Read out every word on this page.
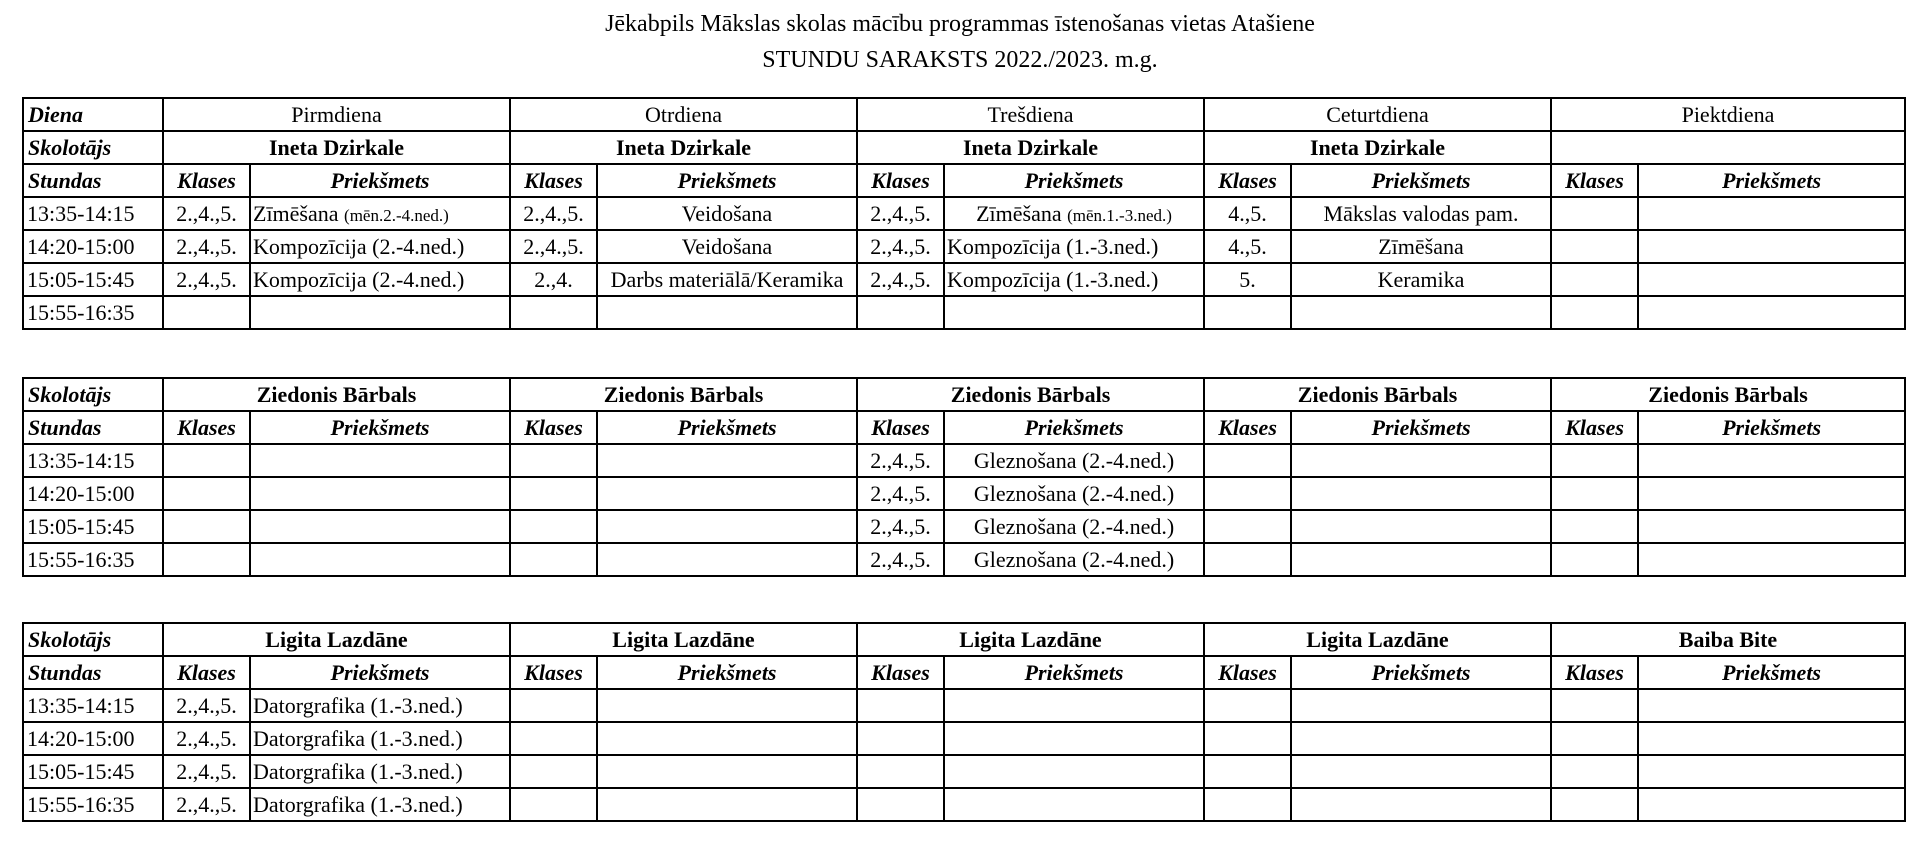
Jēkabpils Mākslas skolas mācību programmas īstenošanas vietas Atašiene
STUNDU SARAKSTS 2022./2023. m.g.
Diena	Pirmdiena		Otrdiena		Trešdiena		Ceturtdiena		Piektdiena	
Skolotājs	Ineta Dzirkale		Ineta Dzirkale		Ineta Dzirkale		Ineta Dzirkale			
Stundas	Klases	Priekšmets	Klases	Priekšmets	Klases	Priekšmets	Klases	Priekšmets	Klases	Priekšmets
13:35-14:15	2.,4.,5.	Zīmēšana (mēn.2.-4.ned.)	2.,4.,5.	Veidošana	2.,4.,5.	Zīmēšana (mēn.1.-3.ned.)	4.,5.	Mākslas valodas pam.		
14:20-15:00	2.,4.,5.	Kompozīcija (2.-4.ned.)	2.,4.,5.	Veidošana	2.,4.,5.	Kompozīcija (1.-3.ned.)	4.,5.	Zīmēšana		
15:05-15:45	2.,4.,5.	Kompozīcija (2.-4.ned.)	2.,4.	Darbs materiālā/Keramika	2.,4.,5.	Kompozīcija (1.-3.ned.)	5.	Keramika		
15:55-16:35										
Skolotājs	Ziedonis Bārbals		Ziedonis Bārbals		Ziedonis Bārbals		Ziedonis Bārbals		Ziedonis Bārbals	
Stundas	Klases	Priekšmets	Klases	Priekšmets	Klases	Priekšmets	Klases	Priekšmets	Klases	Priekšmets
13:35-14:15					2.,4.,5.	Gleznošana (2.-4.ned.)				
14:20-15:00					2.,4.,5.	Gleznošana (2.-4.ned.)				
15:05-15:45					2.,4.,5.	Gleznošana (2.-4.ned.)				
15:55-16:35					2.,4.,5.	Gleznošana (2.-4.ned.)				
Skolotājs	Ligita Lazdāne		Ligita Lazdāne		Ligita Lazdāne		Ligita Lazdāne		Baiba Bite	
Stundas	Klases	Priekšmets	Klases	Priekšmets	Klases	Priekšmets	Klases	Priekšmets	Klases	Priekšmets
13:35-14:15	2.,4.,5.	Datorgrafika (1.-3.ned.)								
14:20-15:00	2.,4.,5.	Datorgrafika (1.-3.ned.)								
15:05-15:45	2.,4.,5.	Datorgrafika (1.-3.ned.)								
15:55-16:35	2.,4.,5.	Datorgrafika (1.-3.ned.)								
